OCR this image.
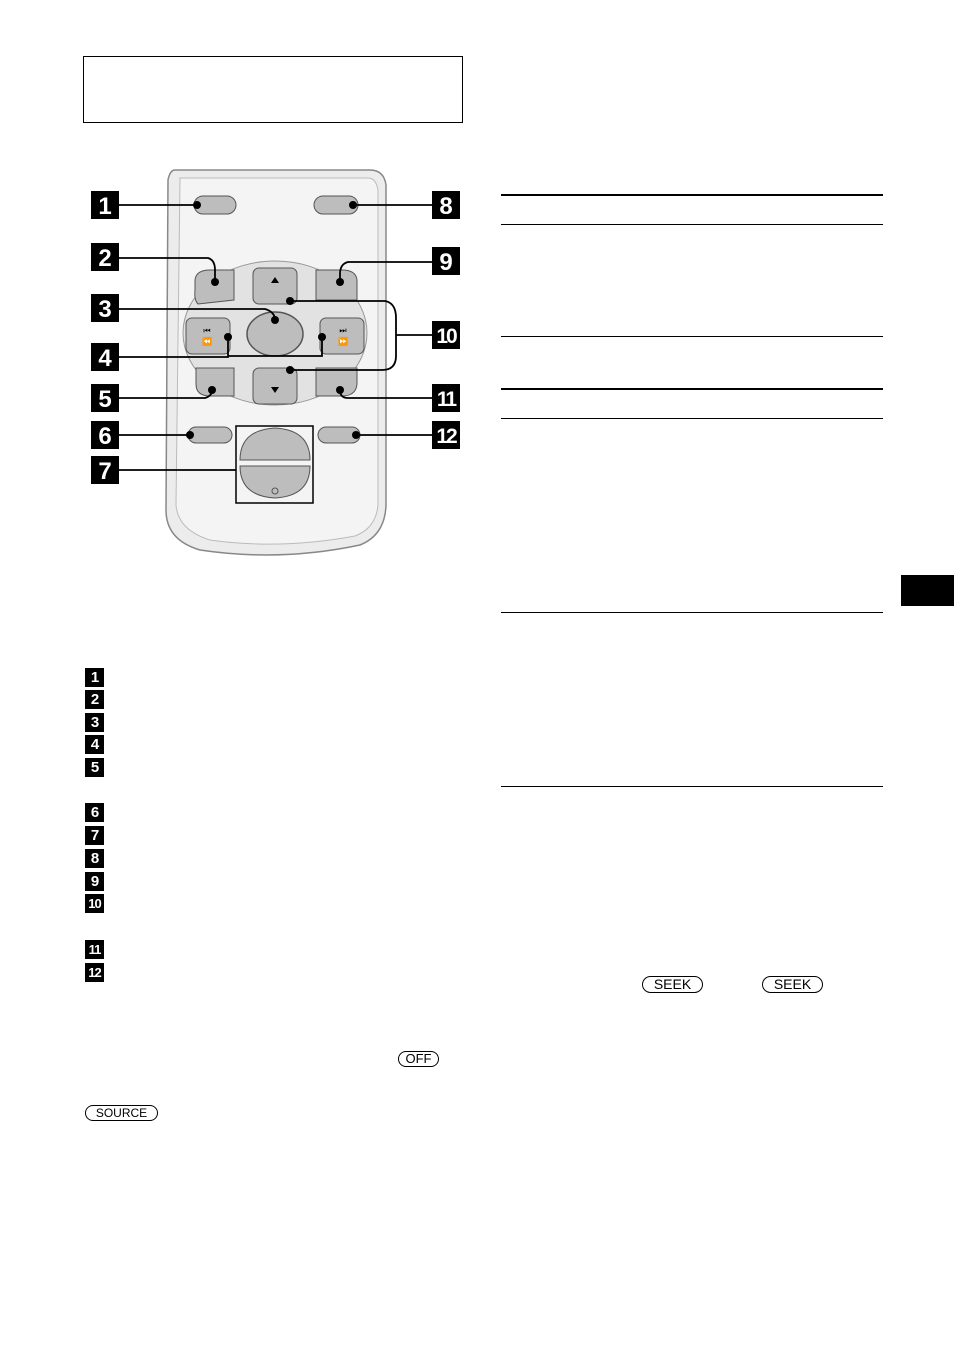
⏮
⏪
⏭
⏩
1
2
3
4
5
6
7
8
9
10
11
12
1
2
3
4
5
6
7
8
9
10
11
12
OFF
SOURCE
SEEK	SEEK
